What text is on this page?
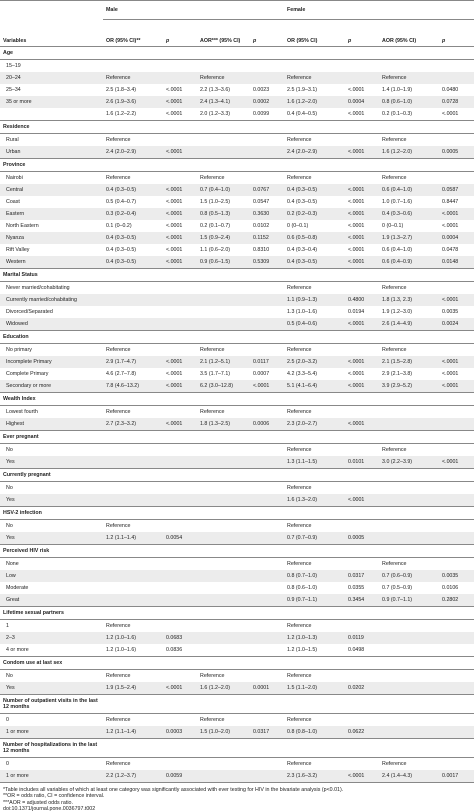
	Male				Female			
Variables	OR (95% CI)**	p	AOR*** (95% CI)	p	OR (95% CI)	p	AOR (95% CI)	p
Age								
15–19								
20–24	Reference		Reference		Reference		Reference	
25–34	2.5 (1.8–3.4)	<.0001	2.2 (1.3–3.6)	0.0023	2.5 (1.9–3.1)	<.0001	1.4 (1.0–1.9)	0.0480
35 or more	2.6 (1.9–3.6)	<.0001	2.4 (1.3–4.1)	0.0002	1.6 (1.2–2.0)	0.0004	0.8 (0.6–1.0)	0.0728
	1.6 (1.2–2.2)	<.0001	2.0 (1.2–3.3)	0.0099	0.4 (0.4–0.5)	<.0001	0.2 (0.1–0.3)	<.0001
Residence								
Rural	Reference				Reference		Reference	
Urban	2.4 (2.0–2.9)	<.0001			2.4 (2.0–2.9)	<.0001	1.6 (1.2–2.0)	0.0005
Province								
Nairobi	Reference		Reference		Reference		Reference	
Central	0.4 (0.3–0.5)	<.0001	0.7 (0.4–1.0)	0.0767	0.4 (0.3–0.5)	<.0001	0.6 (0.4–1.0)	0.0587
Coast	0.5 (0.4–0.7)	<.0001	1.5 (1.0–2.5)	0.0547	0.4 (0.3–0.5)	<.0001	1.0 (0.7–1.6)	0.8447
Eastern	0.3 (0.2–0.4)	<.0001	0.8 (0.5–1.3)	0.3630	0.2 (0.2–0.3)	<.0001	0.4 (0.3–0.6)	<.0001
North Eastern	0.1 (0–0.2)	<.0001	0.2 (0.1–0.7)	0.0102	0 (0–0.1)	<.0001	0 (0–0.1)	<.0001
Nyanza	0.4 (0.3–0.5)	<.0001	1.5 (0.9–2.4)	0.1152	0.6 (0.5–0.8)	<.0001	1.9 (1.3–2.7)	0.0004
Rift Valley	0.4 (0.3–0.5)	<.0001	1.1 (0.6–2.0)	0.8310	0.4 (0.3–0.4)	<.0001	0.6 (0.4–1.0)	0.0478
Western	0.4 (0.3–0.5)	<.0001	0.9 (0.6–1.5)	0.5309	0.4 (0.3–0.5)	<.0001	0.6 (0.4–0.9)	0.0148
Marital Status								
Never married/cohabitating					Reference		Reference	
Currently married/cohabitating					1.1 (0.9–1.3)	0.4800	1.8 (1.3, 2.3)	<.0001
Divorced/Separated					1.3 (1.0–1.6)	0.0194	1.9 (1.2–3.0)	0.0035
Widowed					0.5 (0.4–0.6)	<.0001	2.6 (1.4–4.9)	0.0024
Education								
No primary	Reference		Reference		Reference		Reference	
Incomplete Primary	2.9 (1.7–4.7)	<.0001	2.1 (1.2–5.1)	0.0117	2.5 (2.0–3.2)	<.0001	2.1 (1.5–2.8)	<.0001
Complete Primary	4.6 (2.7–7.8)	<.0001	3.5 (1.7–7.1)	0.0007	4.2 (3.3–5.4)	<.0001	2.9 (2.1–3.8)	<.0001
Secondary or more	7.8 (4.6–13.2)	<.0001	6.2 (3.0–12.8)	<.0001	5.1 (4.1–6.4)	<.0001	3.9 (2.9–5.2)	<.0001
Wealth Index								
Lowest fourth	Reference		Reference		Reference			
Highest	2.7 (2.3–3.2)	<.0001	1.8 (1.3–2.5)	0.0006	2.3 (2.0–2.7)	<.0001		
Ever pregnant								
No					Reference		Reference	
Yes					1.3 (1.1–1.5)	0.0101	3.0 (2.2–3.9)	<.0001
Currently pregnant								
No					Reference			
Yes					1.6 (1.3–2.0)	<.0001		
HSV-2 infection								
No	Reference				Reference			
Yes	1.2 (1.1–1.4)	0.0054			0.7 (0.7–0.9)	0.0005		
Perceived HIV risk								
None					Reference		Reference	
Low					0.8 (0.7–1.0)	0.0317	0.7 (0.6–0.9)	0.0035
Moderate					0.8 (0.6–1.0)	0.0355	0.7 (0.5–0.9)	0.0106
Great					0.9 (0.7–1.1)	0.3454	0.9 (0.7–1.1)	0.2802
Lifetime sexual partners								
1	Reference				Reference			
2–3	1.2 (1.0–1.6)	0.0683			1.2 (1.0–1.3)	0.0119		
4 or more	1.2 (1.0–1.6)	0.0836			1.2 (1.0–1.5)	0.0498		
Condom use at last sex								
No	Reference		Reference		Reference			
Yes	1.9 (1.5–2.4)	<.0001	1.6 (1.2–2.0)	0.0001	1.5 (1.1–2.0)	0.0202		
Number of outpatient visits in the last 12 months								
0	Reference		Reference		Reference			
1 or more	1.2 (1.1–1.4)	0.0003	1.5 (1.0–2.0)	0.0317	0.8 (0.8–1.0)	0.0622		
Number of hospitalizations in the last 12 months								
0	Reference				Reference		Reference	
1 or more	2.2 (1.2–3.7)	0.0059			2.3 (1.6–3.2)	<.0001	2.4 (1.4–4.3)	0.0017
*Table includes all variables of which at least one category was significantly associated with ever testing for HIV in the bivariate analysis (p<0.01).
**OR = odds ratio, CI = confidence interval.
***AOR = adjusted odds ratio.
doi:10.1371/journal.pone.0036797.t002
